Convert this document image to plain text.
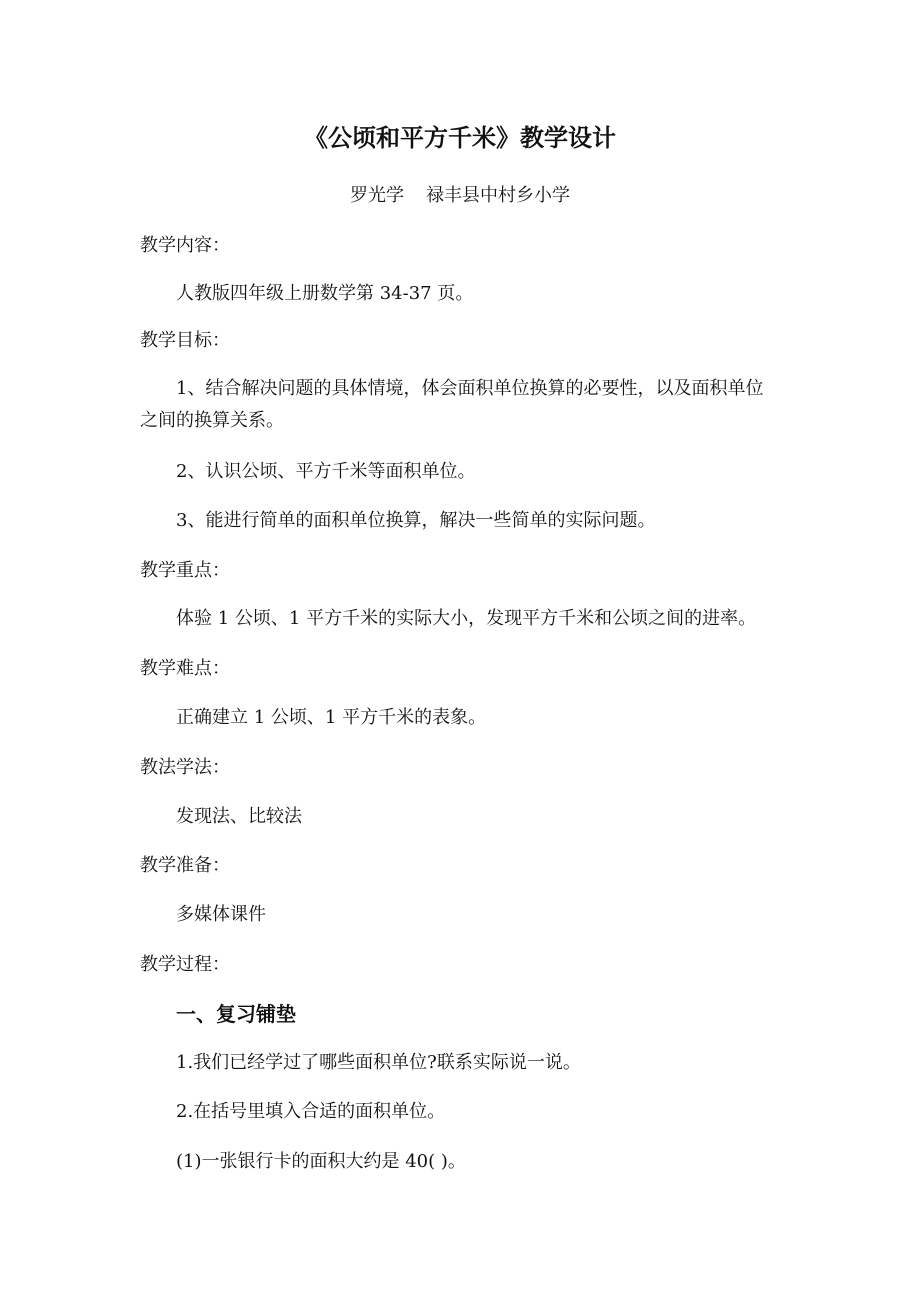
《公顷和平方千米》教学设计
罗光学 禄丰县中村乡小学
教学内容：
人教版四年级上册数学第 34-37 页。
教学目标：
1、结合解决问题的具体情境，体会面积单位换算的必要性，以及面积单位
之间的换算关系。
2、认识公顷、平方千米等面积单位。
3、能进行简单的面积单位换算，解决一些简单的实际问题。
教学重点：
体验 1 公顷、1 平方千米的实际大小，发现平方千米和公顷之间的进率。
教学难点：
正确建立 1 公顷、1 平方千米的表象。
教法学法：
发现法、比较法
教学准备：
多媒体课件
教学过程：
一、复习铺垫
1.我们已经学过了哪些面积单位?联系实际说一说。
2.在括号里填入合适的面积单位。
(1)一张银行卡的面积大约是 40( )。
